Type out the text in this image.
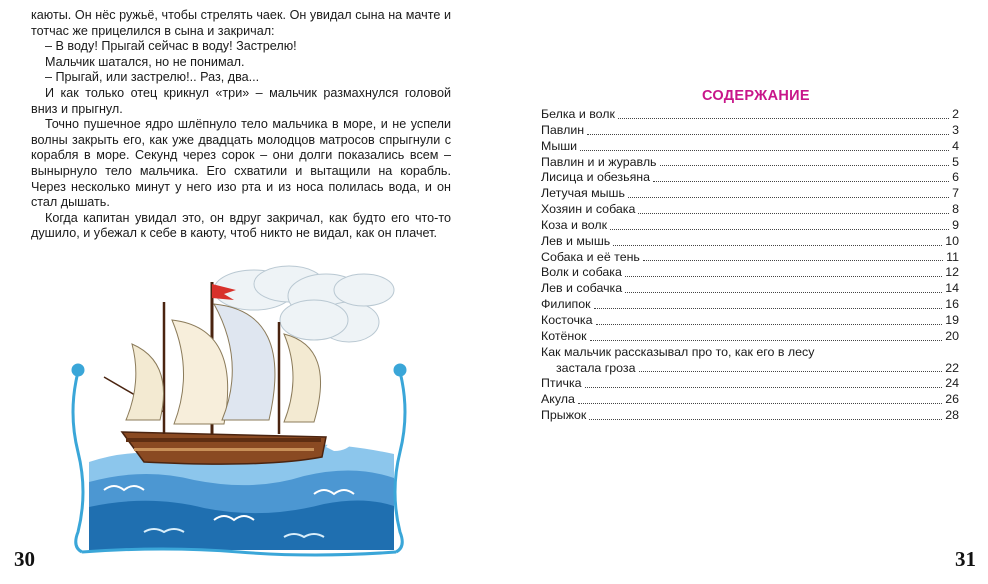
каюты. Он нёс ружьё, чтобы стрелять чаек. Он увидал сына на мачте и тотчас же прицелился в сына и закричал:

– В воду! Прыгай сейчас в воду! Застрелю!

Мальчик шатался, но не понимал.

– Прыгай, или застрелю!.. Раз, два...

И как только отец крикнул «три» – мальчик размахнулся головой вниз и прыгнул.

Точно пушечное ядро шлёпнуло тело мальчика в море, и не успели волны закрыть его, как уже двадцать молодцов матросов спрыгнули с корабля в море. Секунд через сорок – они долги показались всем – вынырнуло тело мальчика. Его схватили и вытащили на корабль. Через несколько минут у него изо рта и из носа полилась вода, и он стал дышать.

Когда капитан увидал это, он вдруг закричал, как будто его что-то душило, и убежал к себе в каюту, чтоб никто не видал, как он плачет.

30
СОДЕРЖАНИЕ
Белка и волк	2
Павлин	3
Мыши	4
Павлин и и журавль	5
Лисица и обезьяна	6
Летучая мышь	7
Хозяин и собака	8
Коза и волк	9
Лев и мышь	10
Собака и её тень	11
Волк и собака	12
Лев и собачка	14
Филипок	16
Косточка	19
Котёнок	20
Как мальчик рассказывал про то, как его в лесу
застала гроза	22
Птичка	24
Акула	26
Прыжок	28
31
